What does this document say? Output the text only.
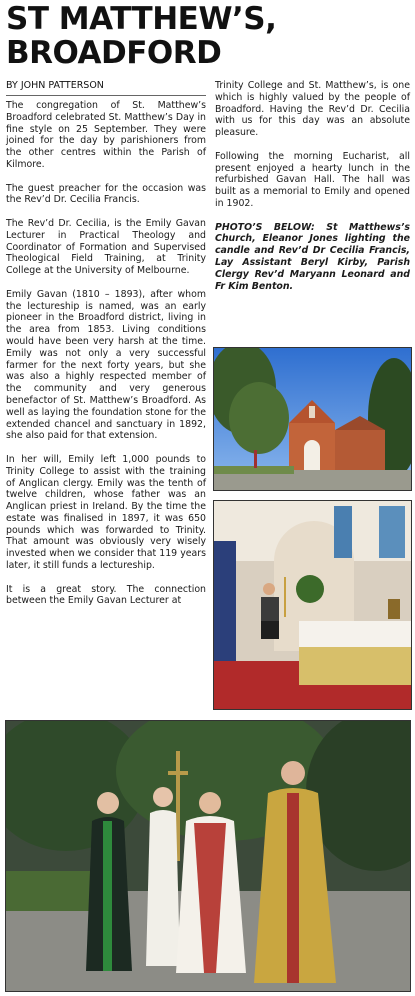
ST MATTHEW’S, BROADFORD
BY JOHN PATTERSON

The congregation of St. Matthew’s Broadford celebrated St. Matthew’s Day in fine style on 25 September. They were joined for the day by parishioners from the other centres within the Parish of Kilmore.

The guest preacher for the occasion was the Rev’d Dr. Cecilia Francis.

The Rev’d Dr. Cecilia, is the Emily Gavan Lecturer in Practical Theology and Coordinator of Formation and Supervised Theological Field Training, at Trinity College at the University of Melbourne.

Emily Gavan (1810 – 1893), after whom the lectureship is named, was an early pioneer in the Broadford district, living in the area from 1853. Living conditions would have been very harsh at the time. Emily was not only a very successful farmer for the next forty years, but she was also a highly respected member of the community and very generous benefactor of St. Matthew’s Broadford. As well as laying the foundation stone for the extended chancel and sanctuary in 1892, she also paid for that extension.

In her will, Emily left 1,000 pounds to Trinity College to assist with the training of Anglican clergy. Emily was the tenth of twelve children, whose father was an Anglican priest in Ireland. By the time the estate was finalised in 1897, it was 650 pounds which was forwarded to Trinity. That amount was obviously very wisely invested when we consider that 119 years later, it still funds a lectureship.

It is a great story. The connection between the Emily Gavan Lecturer at

Trinity College and St. Matthew’s, is one which is highly valued by the people of Broadford. Having the Rev’d Dr. Cecilia with us for this day was an absolute pleasure.

Following the morning Eucharist, all present enjoyed a hearty lunch in the refurbished Gavan Hall. The hall was built as a memorial to Emily and opened in 1902.

PHOTO’S BELOW: St Matthews’s Church, Eleanor Jones lighting the candle and Rev’d Dr Cecilia Francis, Lay Assistant Beryl Kirby, Parish Clergy Rev’d Maryann Leonard and Fr Kim Benton.
